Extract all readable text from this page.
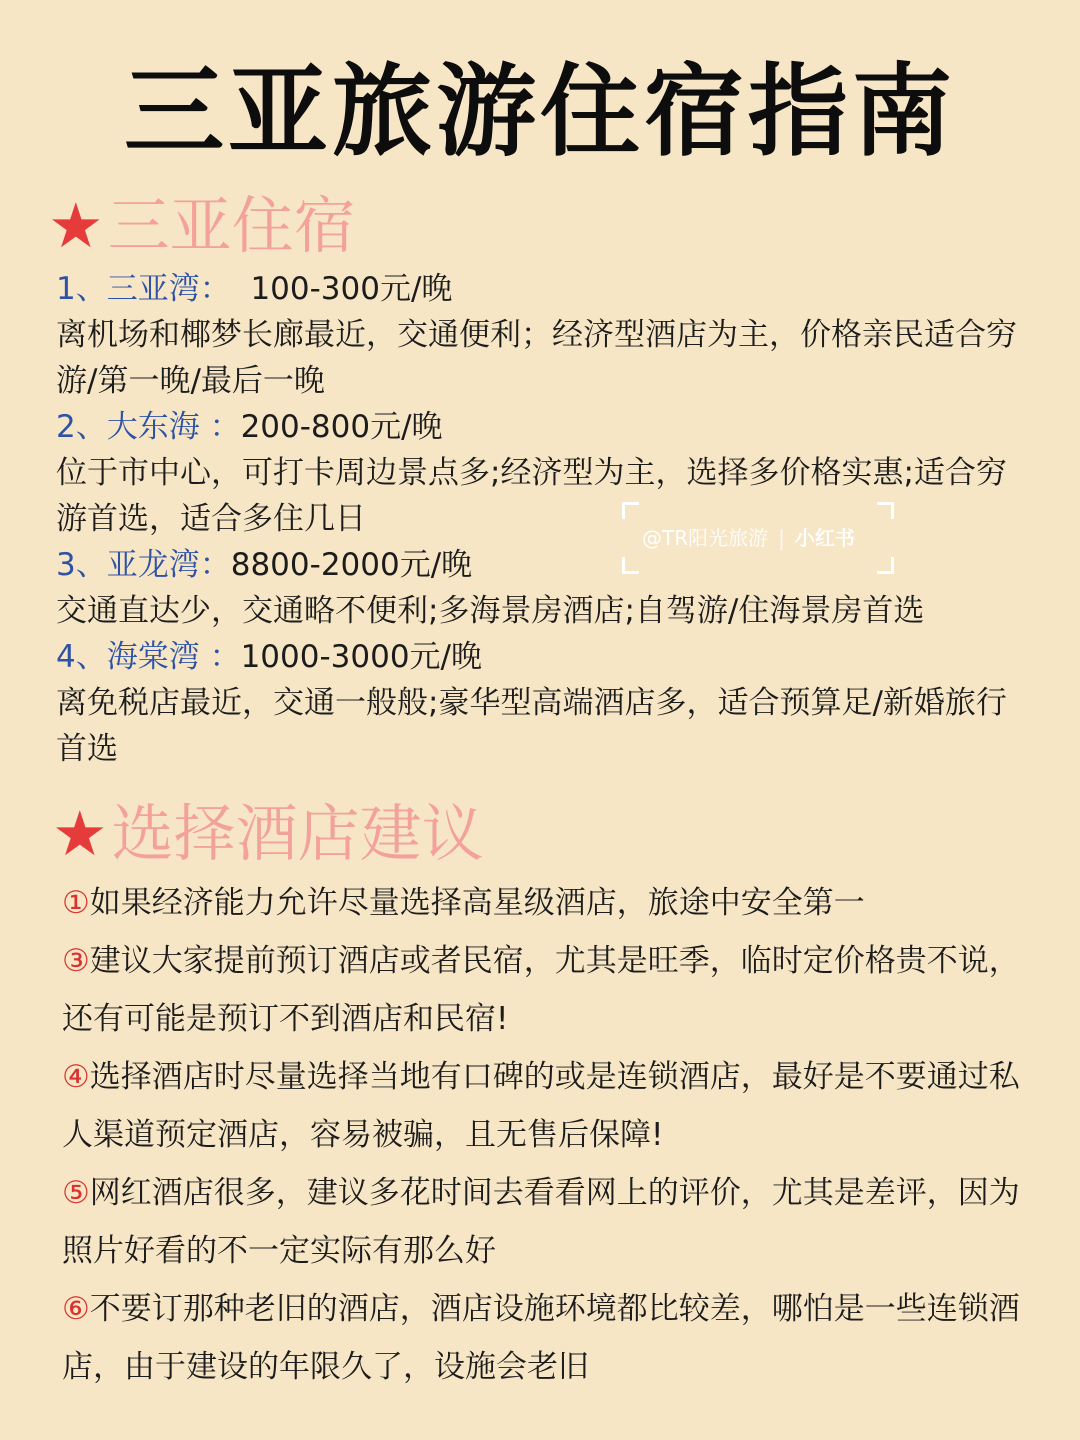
三亚旅游住宿指南
★三亚住宿
1、三亚湾：  100-300元/晚
离机场和椰梦长廊最近，交通便利；经济型酒店为主，价格亲民适合穷游/第一晚/最后一晚
2、大东海 ：200-800元/晚
位于市中心，可打卡周边景点多;经济型为主，选择多价格实惠;适合穷游首选，适合多住几日
3、亚龙湾：8800-2000元/晚
交通直达少，交通略不便利;多海景房酒店;自驾游/住海景房首选
4、海棠湾 ：1000-3000元/晚
离免税店最近，交通一般般;豪华型高端酒店多，适合预算足/新婚旅行首选
★选择酒店建议
①如果经济能力允许尽量选择高星级酒店，旅途中安全第一
③建议大家提前预订酒店或者民宿，尤其是旺季，临时定价格贵不说，还有可能是预订不到酒店和民宿!
④选择酒店时尽量选择当地有口碑的或是连锁酒店，最好是不要通过私人渠道预定酒店，容易被骗，且无售后保障!
⑤网红酒店很多，建议多花时间去看看网上的评价，尤其是差评，因为照片好看的不一定实际有那么好
⑥不要订那种老旧的酒店，酒店设施环境都比较差，哪怕是一些连锁酒店，由于建设的年限久了，设施会老旧
@TR阳光旅游 | 小红书
